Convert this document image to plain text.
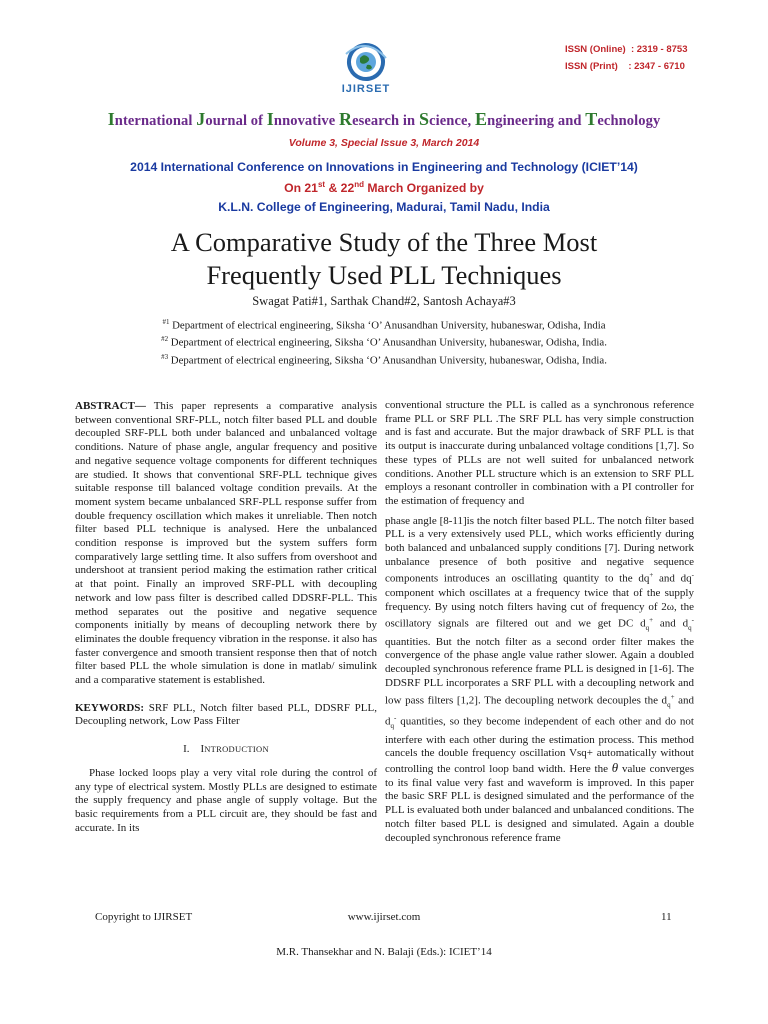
IJIRSET
ISSN (Online)  : 2319 - 8753
ISSN (Print)    : 2347 - 6710
International Journal of Innovative Research in Science, Engineering and Technology
Volume 3, Special Issue 3, March 2014
2014 International Conference on Innovations in Engineering and Technology (ICIET’14)
On 21st & 22nd March Organized by
K.L.N. College of Engineering, Madurai, Tamil Nadu, India
A Comparative Study of the Three Most
Frequently Used PLL Techniques
Swagat Pati#1, Sarthak Chand#2, Santosh Achaya#3
$^{\#1}$ Department of electrical engineering, Siksha ‘O’ Anusandhan University, hubaneswar, Odisha, India
$^{\#2}$ Department of electrical engineering, Siksha ‘O’ Anusandhan University, hubaneswar, Odisha, India.
$^{\#3}$ Department of electrical engineering, Siksha ‘O’ Anusandhan University, hubaneswar, Odisha, India.

ABSTRACT— This paper represents a comparative analysis between conventional SRF-PLL, notch filter based PLL and double decoupled SRF-PLL both under balanced and unbalanced voltage conditions. Nature of phase angle, angular frequency and positive and negative sequence voltage components for different techniques are studied. It shows that conventional SRF-PLL technique gives suitable response till balanced voltage condition prevails. At the moment system became unbalanced SRF-PLL response suffer from double frequency oscillation which makes it unreliable. Then notch filter based PLL technique is analysed. Here the unbalanced condition response is improved but the system suffers form comparatively large settling time. It also suffers from overshoot and undershoot at transient period making the estimation rather critical at that point. Finally an improved SRF-PLL with decoupling network and low pass filter is described called DDSRF-PLL. This method separates out the positive and negative sequence components initially by means of decoupling network there by eliminates the double frequency vibration in the response. it also has faster convergence and smooth transient response then that of notch filter based PLL the whole simulation is done in matlab/ simulink and a comparative statement is established.

KEYWORDS: SRF PLL, Notch filter based PLL, DDSRF PLL, Decoupling network, Low Pass Filter

I. INTRODUCTION

Phase locked loops play a very vital role during the control of any type of electrical system. Mostly PLLs are designed to estimate the supply frequency and phase angle of supply voltage. But the basic requirements from a PLL circuit are, they should be fast and accurate. In its

conventional structure the PLL is called as a synchronous reference frame PLL or SRF PLL .The SRF PLL has very simple construction and is fast and accurate. But the major drawback of SRF PLL is that its output is inaccurate during unbalanced voltage conditions [1,7]. So these types of PLLs are not well suited for unbalanced network conditions. Another PLL structure which is an extension to SRF PLL employs a resonant controller in combination with a PI controller for the estimation of frequency and

phase angle [8-11]is the notch filter based PLL. The notch filter based PLL is a very extensively used PLL, which works efficiently during both balanced and unbalanced supply conditions [7]. During network unbalance presence of both positive and negative sequence components introduces an oscillating quantity to the dq+ and dq- component which oscillates at a frequency twice that of the supply frequency. By using notch filters having cut of frequency of 2ω, the oscillatory signals are filtered out and we get DC $d_q^+$ and $d_q^-$ quantities. But the notch filter as a second order filter makes the convergence of the phase angle value rather slower. Again a doubled decoupled synchronous reference frame PLL is designed in [1-6]. The DDSRF PLL incorporates a SRF PLL with a decoupling network and low pass filters [1,2]. The decoupling network decouples the $d_q^+$ and $d_q^-$ quantities, so they become independent of each other and do not interfere with each other during the estimation process. This method cancels the double frequency oscillation Vsq+ automatically without controlling the control loop band width. Here the θ value converges to its final value very fast and waveform is improved. In this paper the basic SRF PLL is designed simulated and the performance of the PLL is evaluated both under balanced and unbalanced conditions. The notch filter based PLL is designed and simulated. Again a double decoupled synchronous reference frame

Copyright to IJIRSET	www.ijirset.com	11
M.R. Thansekhar and N. Balaji (Eds.): ICIET’14
